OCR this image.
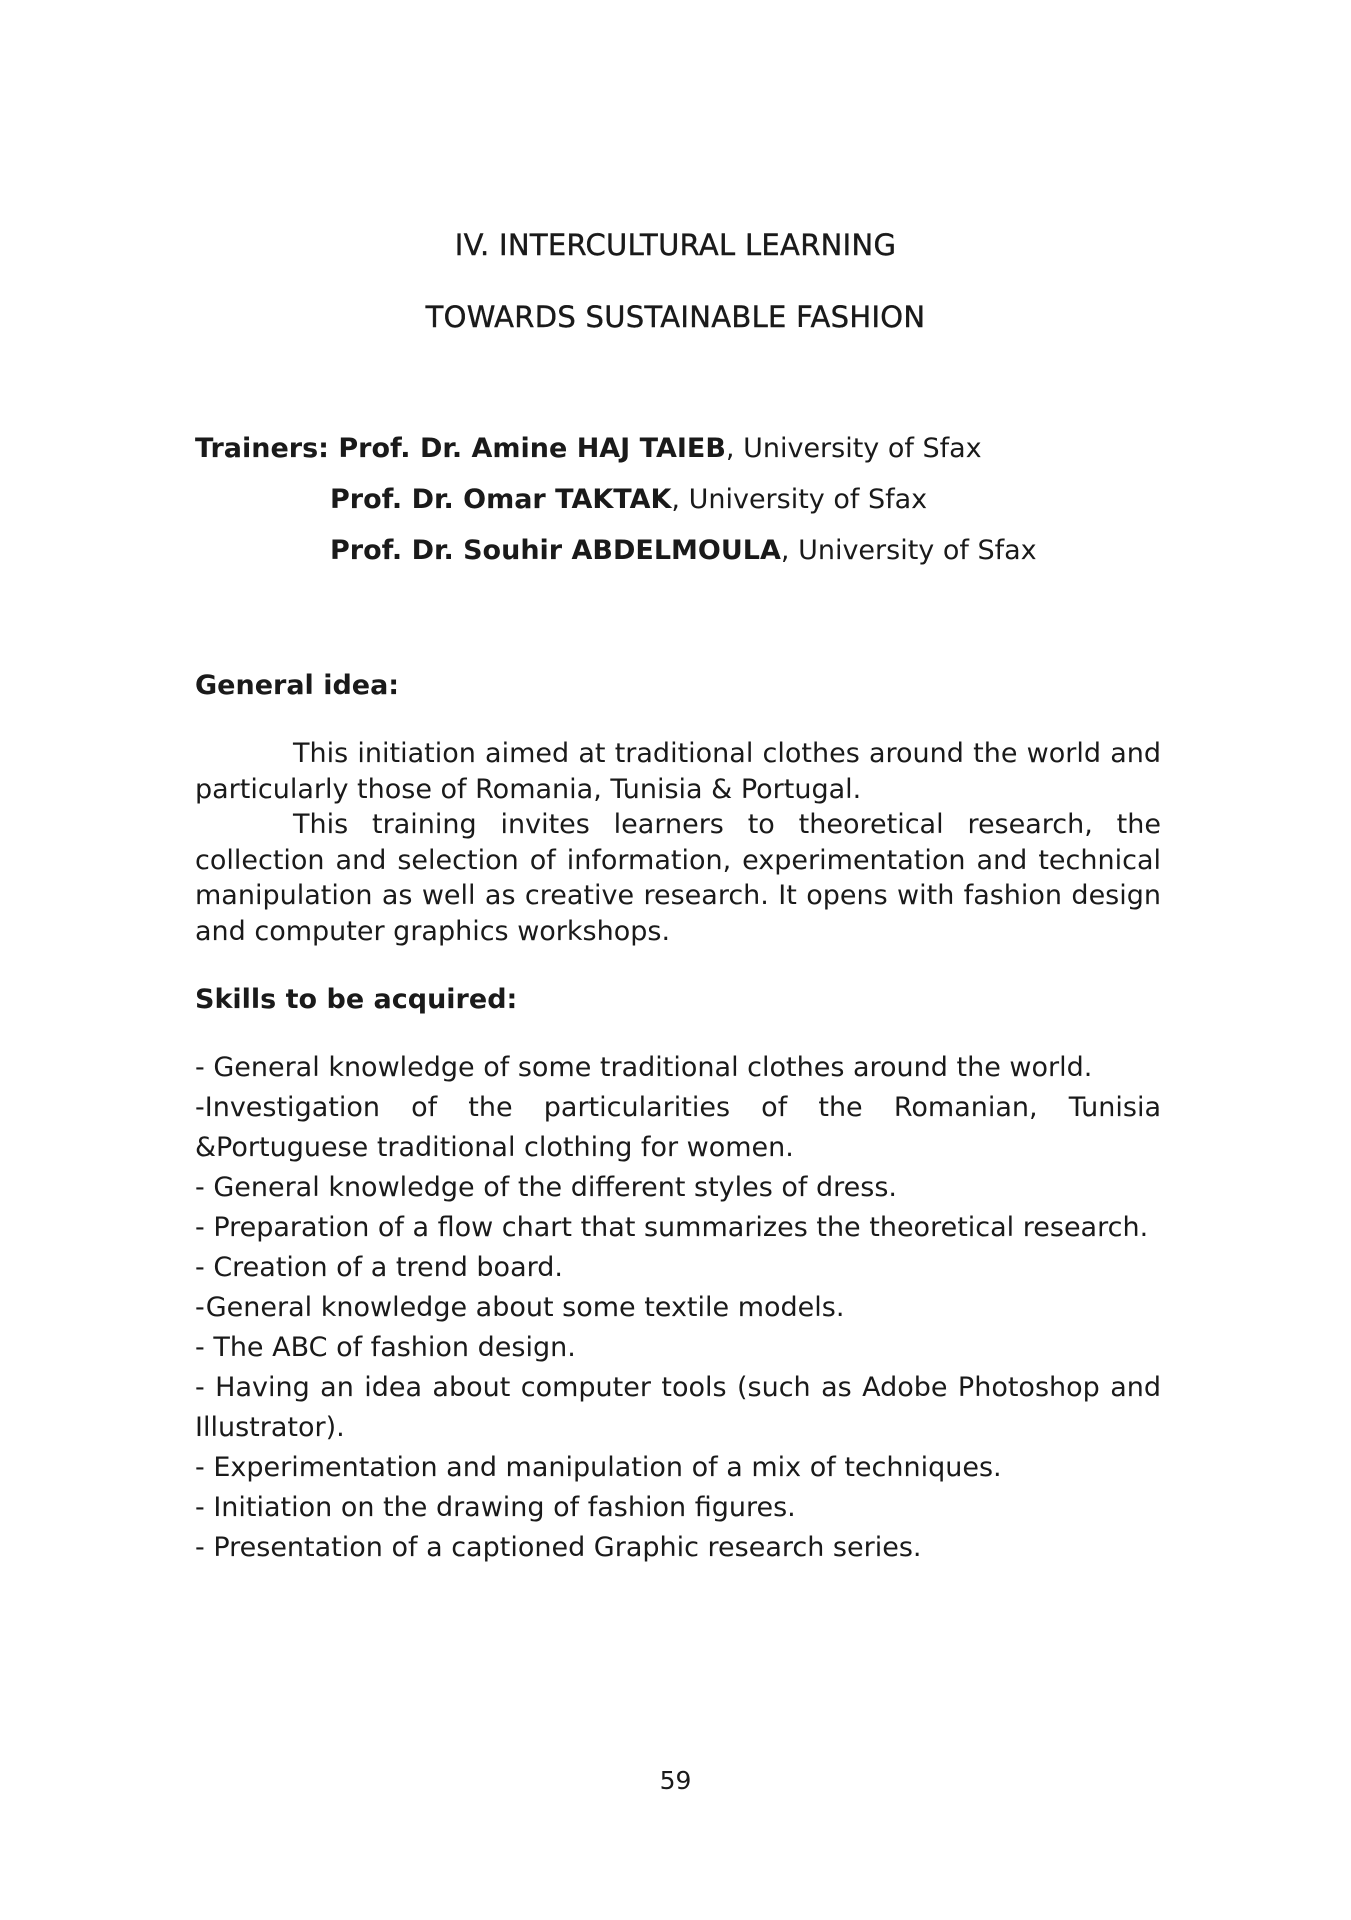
IV. INTERCULTURAL LEARNING
TOWARDS SUSTAINABLE FASHION
Trainers: Prof. Dr. Amine HAJ TAIEB, University of Sfax
Prof. Dr. Omar TAKTAK, University of Sfax
Prof. Dr. Souhir ABDELMOULA, University of Sfax
General idea:

This initiation aimed at traditional clothes around the world and particularly those of Romania, Tunisia & Portugal.

This training invites learners to theoretical research, the collection and selection of information, experimentation and technical manipulation as well as creative research. It opens with fashion design and computer graphics workshops.

Skills to be acquired:
- General knowledge of some traditional clothes around the world.
-Investigation of the particularities of the Romanian, Tunisia &Portuguese traditional clothing for women.
- General knowledge of the different styles of dress.
- Preparation of a flow chart that summarizes the theoretical research.
- Creation of a trend board.
-General knowledge about some textile models.
- The ABC of fashion design.
- Having an idea about computer tools (such as Adobe Photoshop and Illustrator).
- Experimentation and manipulation of a mix of techniques.
- Initiation on the drawing of fashion figures.
- Presentation of a captioned Graphic research series.
59
